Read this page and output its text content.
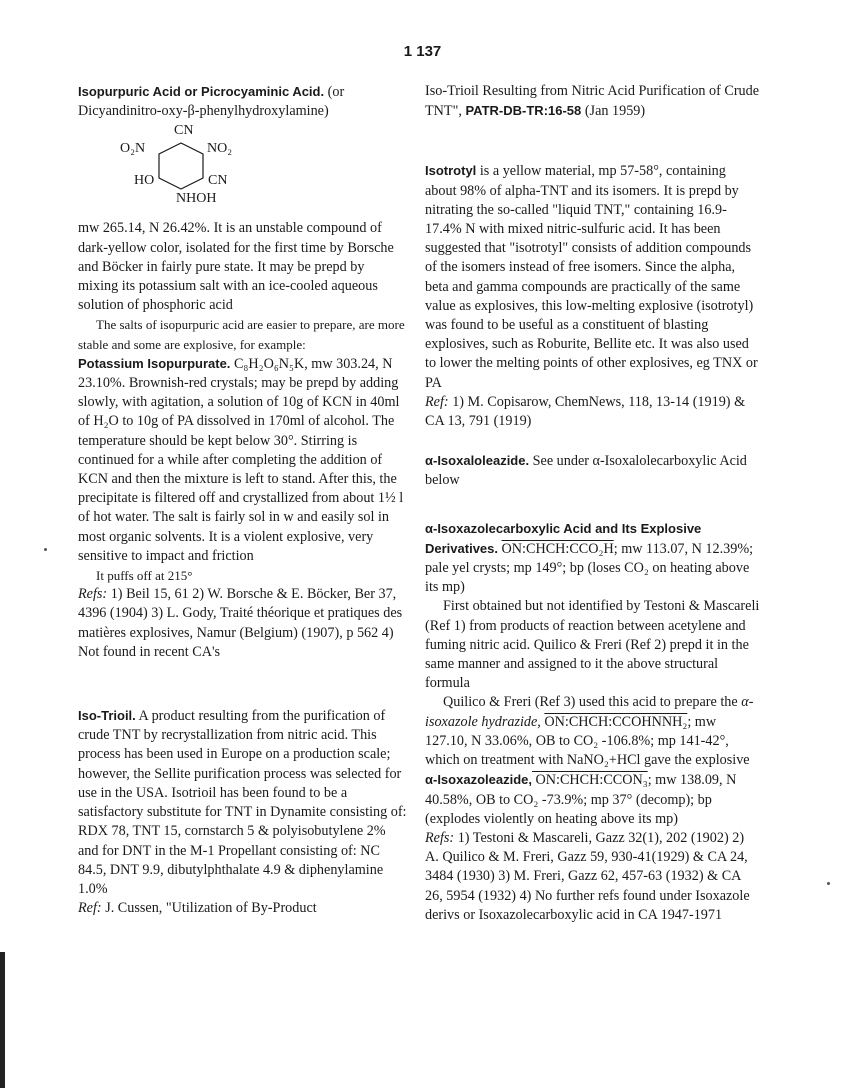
1 137

Isopurpuric Acid or Picrocyaminic Acid. (or

Dicyandinitro-oxy-β-phenylhydroxylamine)

CN
O₂N	NO₂
HO	CN
NHOH

mw 265.14, N 26.42%. It is an unstable compound of dark-yellow color, isolated for the first time by Borsche and Böcker in fairly pure state. It may be prepd by mixing its potassium salt with an ice-cooled aqueous solution of phosphoric acid

The salts of isopurpuric acid are easier to prepare, are more stable and some are explosive, for example:

Potassium Isopurpurate. C₈H₂O₆N₅K, mw 303.24, N 23.10%. Brownish-red crystals; may be prepd by adding slowly, with agitation, a solution of 10g of KCN in 40ml of H₂O to 10g of PA dissolved in 170ml of alcohol. The temperature should be kept below 30°. Stirring is continued for a while after completing the addition of KCN and then the mixture is left to stand. After this, the precipitate is filtered off and crystallized from about 1½ l of hot water. The salt is fairly sol in w and easily sol in most organic solvents. It is a violent explosive, very sensitive to impact and friction

It puffs off at 215°

Refs: 1) Beil 15, 61 2) W. Borsche & E. Böcker, Ber 37, 4396 (1904) 3) L. Gody, Traité théorique et pratiques des matières explosives, Namur (Belgium) (1907), p 562 4) Not found in recent CA's

Iso-Trioil. A product resulting from the purification of crude TNT by recrystallization from nitric acid. This process has been used in Europe on a production scale; however, the Sellite purification process was selected for use in the USA. Isotrioil has been found to be a satisfactory substitute for TNT in Dynamite consisting of: RDX 78, TNT 15, cornstarch 5 & polyisobutylene 2% and for DNT in the M-1 Propellant consisting of: NC 84.5, DNT 9.9, dibutylphthalate 4.9 & diphenylamine 1.0%

Ref: J. Cussen, "Utilization of By-Product

Iso-Trioil Resulting from Nitric Acid Purification of Crude TNT", PATR-DB-TR:16-58 (Jan 1959)

Isotrotyl is a yellow material, mp 57-58°, containing about 98% of alpha-TNT and its isomers. It is prepd by nitrating the so-called "liquid TNT," containing 16.9-17.4% N with mixed nitric-sulfuric acid. It has been suggested that "isotrotyl" consists of addition compounds of the isomers instead of free isomers. Since the alpha, beta and gamma compounds are practically of the same value as explosives, this low-melting explosive (isotrotyl) was found to be useful as a constituent of blasting explosives, such as Roburite, Bellite etc. It was also used to lower the melting points of other explosives, eg TNX or PA

Ref: 1) M. Copisarow, ChemNews, 118, 13-14 (1919) & CA 13, 791 (1919)

α-Isoxaloleazide. See under α-Isoxalolecarboxylic Acid below

α-Isoxazolecarboxylic Acid and Its Explosive Derivatives. ON:CHCH:CCO₂H; mw 113.07, N 12.39%; pale yel crysts; mp 149°; bp (loses CO₂ on heating above its mp)

First obtained but not identified by Testoni & Mascareli (Ref 1) from products of reaction between acetylene and fuming nitric acid. Quilico & Freri (Ref 2) prepd it in the same manner and assigned to it the above structural formula

Quilico & Freri (Ref 3) used this acid to prepare the α-isoxazole hydrazide, ON:CHCH:CCOHNNH₂; mw 127.10, N 33.06%, OB to CO₂ -106.8%; mp 141-42°, which on treatment with NaNO₂+HCl gave the explosive α-Isoxazoleazide, ON:CHCH:CCON₃; mw 138.09, N 40.58%, OB to CO₂ -73.9%; mp 37° (decomp); bp (explodes violently on heating above its mp)

Refs: 1) Testoni & Mascareli, Gazz 32(1), 202 (1902) 2) A. Quilico & M. Freri, Gazz 59, 930-41(1929) & CA 24, 3484 (1930) 3) M. Freri, Gazz 62, 457-63 (1932) & CA 26, 5954 (1932) 4) No further refs found under Isoxazole derivs or Isoxazolecarboxylic acid in CA 1947-1971
